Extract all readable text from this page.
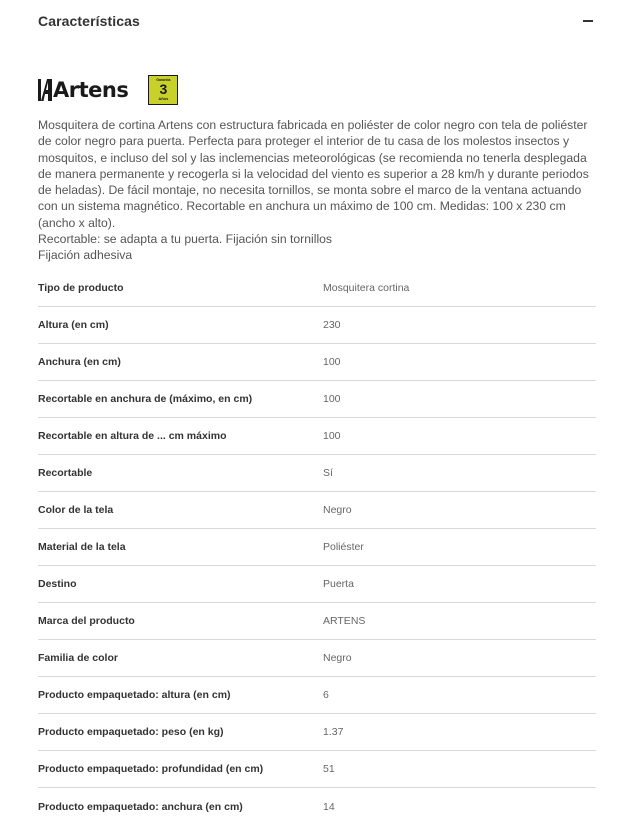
Características
Artens	Garantía
3
Años

Mosquitera de cortina Artens con estructura fabricada en poliéster de color negro con tela de poliéster de color negro para puerta. Perfecta para proteger el interior de tu casa de los molestos insectos y mosquitos, e incluso del sol y las inclemencias meteorológicas (se recomienda no tenerla desplegada de manera permanente y recogerla si la velocidad del viento es superior a 28 km/h y durante periodos de heladas). De fácil montaje, no necesita tornillos, se monta sobre el marco de la ventana actuando con un sistema magnético. Recortable en anchura un máximo de 100 cm. Medidas: 100 x 230 cm (ancho x alto).

Recortable: se adapta a tu puerta. Fijación sin tornillos

Fijación adhesiva

Tipo de producto	Mosquitera cortina
Altura (en cm)	230
Anchura (en cm)	100
Recortable en anchura de (máximo, en cm)	100
Recortable en altura de ... cm máximo	100
Recortable	Sí
Color de la tela	Negro
Material de la tela	Poliéster
Destino	Puerta
Marca del producto	ARTENS
Familia de color	Negro
Producto empaquetado: altura (en cm)	6
Producto empaquetado: peso (en kg)	1.37
Producto empaquetado: profundidad (en cm)	51
Producto empaquetado: anchura (en cm)	14
